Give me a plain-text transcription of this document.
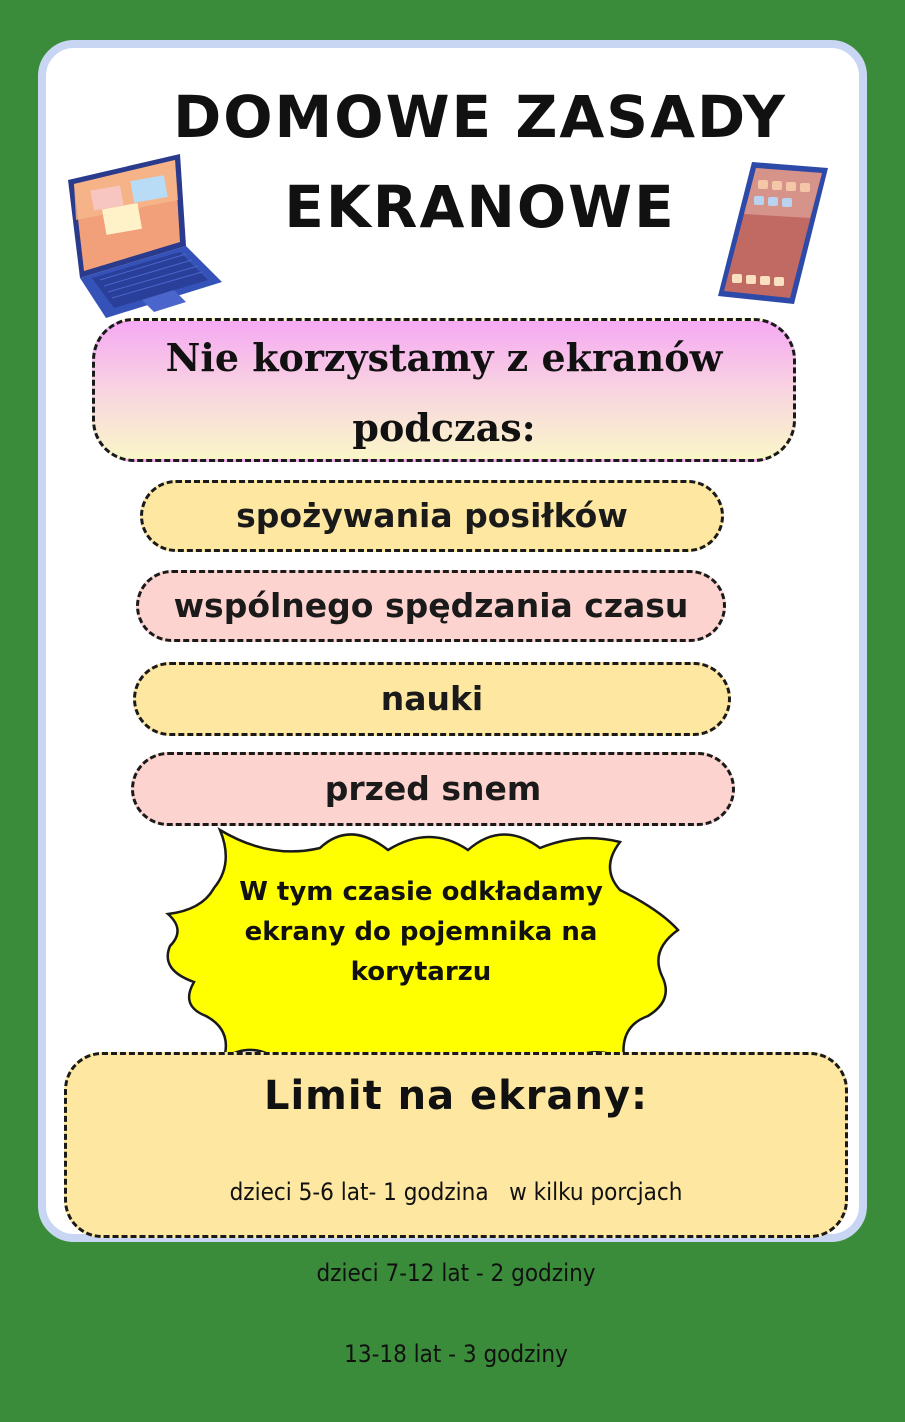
DOMOWE ZASADY
EKRANOWE
Nie korzystamy z ekranów
podczas:
spożywania posiłków
wspólnego spędzania czasu
nauki
przed snem
W tym czasie odkładamy
ekrany do pojemnika na
korytarzu
Limit na ekrany:

dzieci 5-6 lat- 1 godzina   w kilku porcjach

dzieci 7-12 lat - 2 godziny

13-18 lat - 3 godziny
